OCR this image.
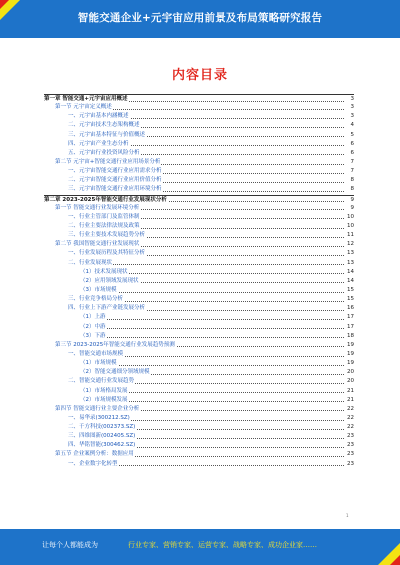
智能交通企业+元宇宙应用前景及布局策略研究报告
内容目录
第一章 智能交通+元宇宙应用概述	3
第一节 元宇宙定义概述	3
一、元宇宙基本内涵概述	3
二、元宇宙技术生态架构概述	4
三、元宇宙基本特征与价值概述	5
四、元宇宙产业生态分析	6
五、元宇宙行业投资风险分析	6
第二节 元宇宙+智能交通行业应用场景分析	7
一、元宇宙智能交通行业应用需求分析	7
二、元宇宙智能交通行业应用价值分析	8
三、元宇宙智能交通行业应用环境分析	8
第二章 2023-2025年智能交通行业发展现状分析	9
第一节 智能交通行业发展环境分析	9
一、行业主管部门及监管体制	10
二、行业主要法律法规及政策	10
三、行业主要技术发展趋势分析	11
第二节 我国智能交通行业发展现状	12
一、行业发展历程及其特征分析	13
二、行业发展现状	13
（1）技术发展现状	14
（2）应用领域发展现状	14
（3）市场规模	15
三、行业竞争格局分析	15
四、行业上下游产业链发展分析	16
（1）上游	17
（2）中游	17
（3）下游	18
第三节 2023-2025年智能交通行业发展趋势预测	19
一、智能交通市场规模	19
（1）市场规模	19
（2）智能交通细分领域规模	20
二、智能交通行业发展趋势	20
（1）市场格局发展	21
（2）市场规模发展	21
第四节 智能交通行业主要企业分析	22
一、易华录(300212.SZ)	22
二、千方科技(002373.SZ)	22
三、四维图新(002405.SZ)	23
四、华铭智能(300462.SZ)	23
第五节 企业案例分析：数据应用	23
一、企业数字化转型	23
1
让每个人都能成为	行业专家、营销专家、运营专家、战略专家、成功企业家……
